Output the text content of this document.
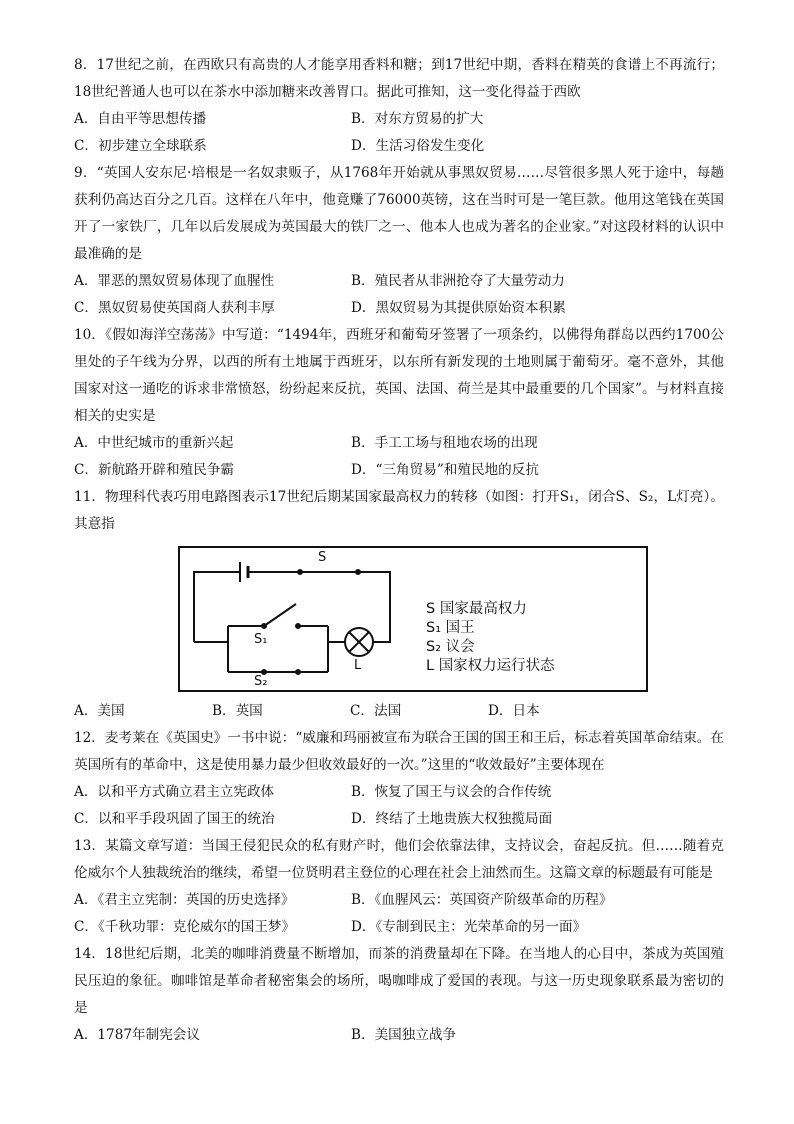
8．17世纪之前，在西欧只有高贵的人才能享用香料和糖；到17世纪中期，香料在精英的食谱上不再流行；18世纪普通人也可以在茶水中添加糖来改善胃口。据此可推知，这一变化得益于西欧

A．自由平等思想传播	B．对东方贸易的扩大
C．初步建立全球联系	D．生活习俗发生变化

9．“英国人安东尼·培根是一名奴隶贩子，从1768年开始就从事黑奴贸易……尽管很多黑人死于途中，每趟获利仍高达百分之几百。这样在八年中，他竟赚了76000英镑，这在当时可是一笔巨款。他用这笔钱在英国开了一家铁厂，几年以后发展成为英国最大的铁厂之一、他本人也成为著名的企业家。”对这段材料的认识中最准确的是

A．罪恶的黑奴贸易体现了血腥性	B．殖民者从非洲抢夺了大量劳动力
C．黑奴贸易使英国商人获利丰厚	D．黑奴贸易为其提供原始资本积累

10．《假如海洋空荡荡》中写道：“1494年，西班牙和葡萄牙签署了一项条约，以佛得角群岛以西约1700公里处的子午线为分界，以西的所有土地属于西班牙，以东所有新发现的土地则属于葡萄牙。毫不意外，其他国家对这一通吃的诉求非常愤怒，纷纷起来反抗，英国、法国、荷兰是其中最重要的几个国家”。与材料直接相关的史实是

A．中世纪城市的重新兴起	B．手工工场与租地农场的出现
C．新航路开辟和殖民争霸	D．“三角贸易”和殖民地的反抗

11．物理科代表巧用电路图表示17世纪后期某国家最高权力的转移（如图：打开S₁，闭合S、S₂，L灯亮）。其意指

S
S₁
S₂
L
S 国家最高权力
S₁ 国王
S₂ 议会
L 国家权力运行状态
A．美国	B．英国	C．法国	D．日本

12．麦考莱在《英国史》一书中说：“威廉和玛丽被宣布为联合王国的国王和王后，标志着英国革命结束。在英国所有的革命中，这是使用暴力最少但收效最好的一次。”这里的“收效最好”主要体现在

A．以和平方式确立君主立宪政体	B．恢复了国王与议会的合作传统
C．以和平手段巩固了国王的统治	D．终结了土地贵族大权独揽局面

13．某篇文章写道：当国王侵犯民众的私有财产时，他们会依靠法律，支持议会，奋起反抗。但……随着克伦威尔个人独裁统治的继续，希望一位贤明君主登位的心理在社会上油然而生。这篇文章的标题最有可能是

A．《君主立宪制：英国的历史选择》	B．《血腥风云：英国资产阶级革命的历程》
C．《千秋功罪：克伦威尔的国王梦》	D．《专制到民主：光荣革命的另一面》

14．18世纪后期，北美的咖啡消费量不断增加，而茶的消费量却在下降。在当地人的心目中，茶成为英国殖民压迫的象征。咖啡馆是革命者秘密集会的场所，喝咖啡成了爱国的表现。与这一历史现象联系最为密切的是

A．1787年制宪会议	B．美国独立战争
